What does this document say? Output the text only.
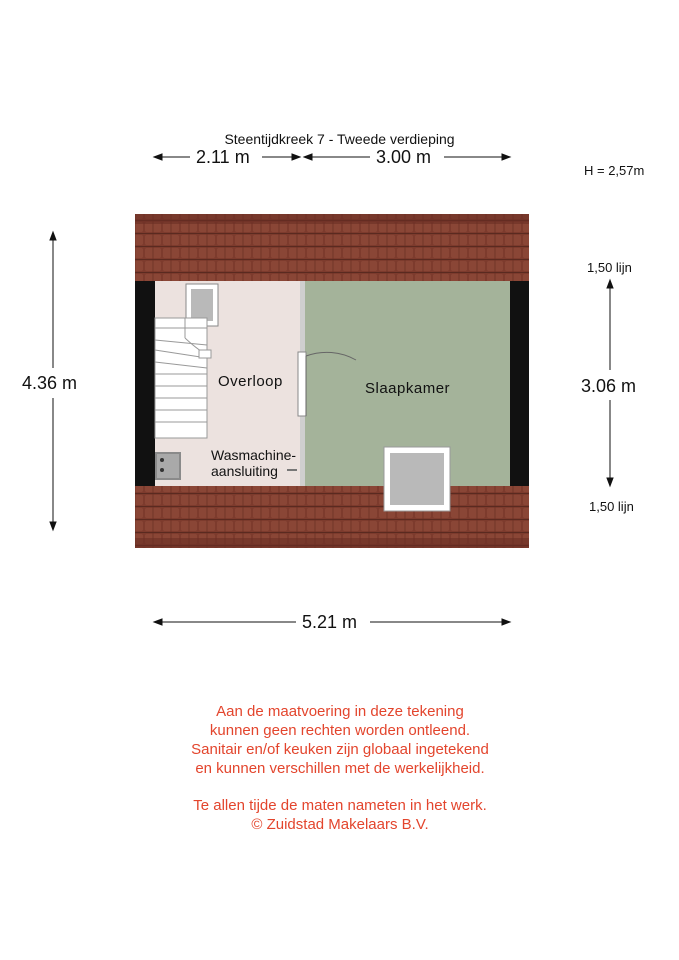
Steentijdkreek 7 - Tweede verdieping
H = 2,57m
2.11 m	3.00 m
4.36 m	3.06 m
5.21 m
1,50 lijn
1,50 lijn
Overloop	Slaapkamer
Wasmachine-
aansluiting
Aan de maatvoering in deze tekening
kunnen geen rechten worden ontleend.
Sanitair en/of keuken zijn globaal ingetekend
en kunnen verschillen met de werkelijkheid.
Te allen tijde de maten nameten in het werk.
© Zuidstad Makelaars B.V.
